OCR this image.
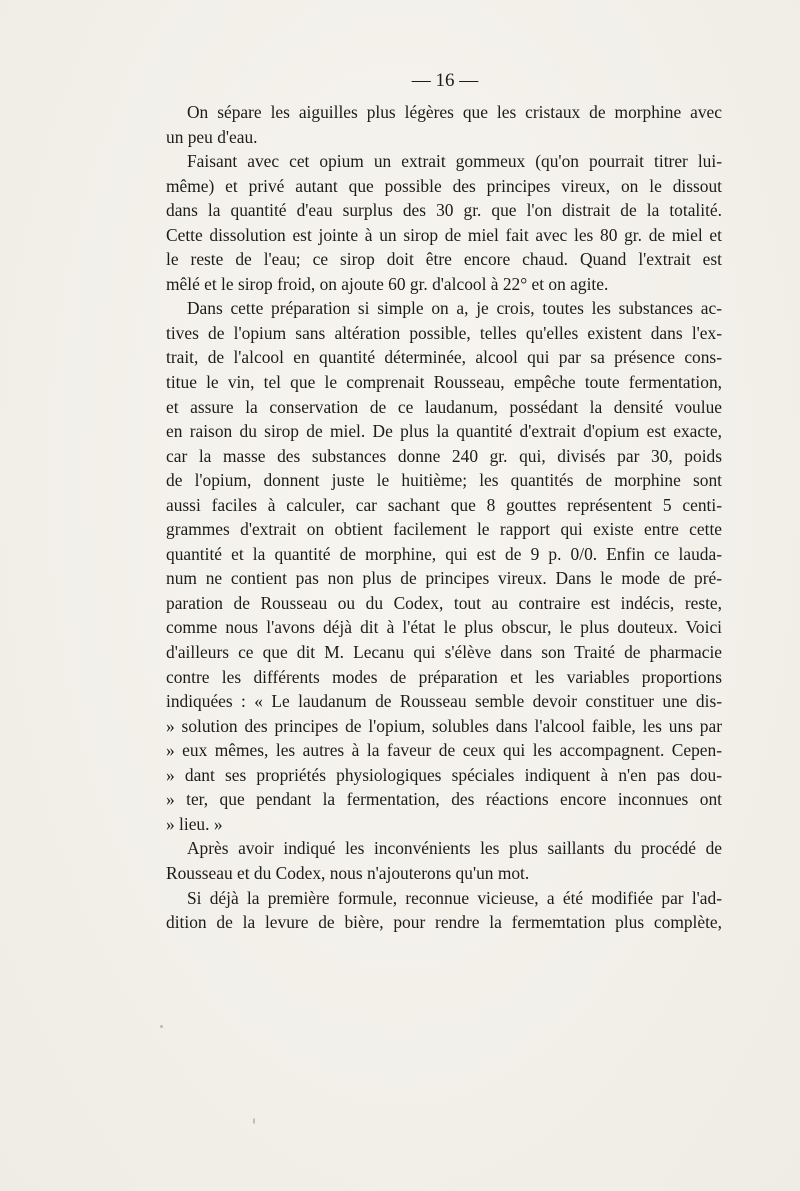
— 16 —
On sépare les aiguilles plus légères que les cristaux de morphine avec
un peu d'eau.
Faisant avec cet opium un extrait gommeux (qu'on pourrait titrer lui-
même) et privé autant que possible des principes vireux, on le dissout
dans la quantité d'eau surplus des 30 gr. que l'on distrait de la totalité.
Cette dissolution est jointe à un sirop de miel fait avec les 80 gr. de miel et
le reste de l'eau; ce sirop doit être encore chaud. Quand l'extrait est
mêlé et le sirop froid, on ajoute 60 gr. d'alcool à 22° et on agite.
Dans cette préparation si simple on a, je crois, toutes les substances ac-
tives de l'opium sans altération possible, telles qu'elles existent dans l'ex-
trait, de l'alcool en quantité déterminée, alcool qui par sa présence cons-
titue le vin, tel que le comprenait Rousseau, empêche toute fermentation,
et assure la conservation de ce laudanum, possédant la densité voulue
en raison du sirop de miel. De plus la quantité d'extrait d'opium est exacte,
car la masse des substances donne 240 gr. qui, divisés par 30, poids
de l'opium, donnent juste le huitième; les quantités de morphine sont
aussi faciles à calculer, car sachant que 8 gouttes représentent 5 centi-
grammes d'extrait on obtient facilement le rapport qui existe entre cette
quantité et la quantité de morphine, qui est de 9 p. 0/0. Enfin ce lauda-
num ne contient pas non plus de principes vireux. Dans le mode de pré-
paration de Rousseau ou du Codex, tout au contraire est indécis, reste,
comme nous l'avons déjà dit à l'état le plus obscur, le plus douteux. Voici
d'ailleurs ce que dit M. Lecanu qui s'élève dans son Traité de pharmacie
contre les différents modes de préparation et les variables proportions
indiquées : « Le laudanum de Rousseau semble devoir constituer une dis-
» solution des principes de l'opium, solubles dans l'alcool faible, les uns par
» eux mêmes, les autres à la faveur de ceux qui les accompagnent. Cepen-
» dant ses propriétés physiologiques spéciales indiquent à n'en pas dou-
» ter, que pendant la fermentation, des réactions encore inconnues ont
» lieu. »
Après avoir indiqué les inconvénients les plus saillants du procédé de
Rousseau et du Codex, nous n'ajouterons qu'un mot.
Si déjà la première formule, reconnue vicieuse, a été modifiée par l'ad-
dition de la levure de bière, pour rendre la fermemtation plus complète,
